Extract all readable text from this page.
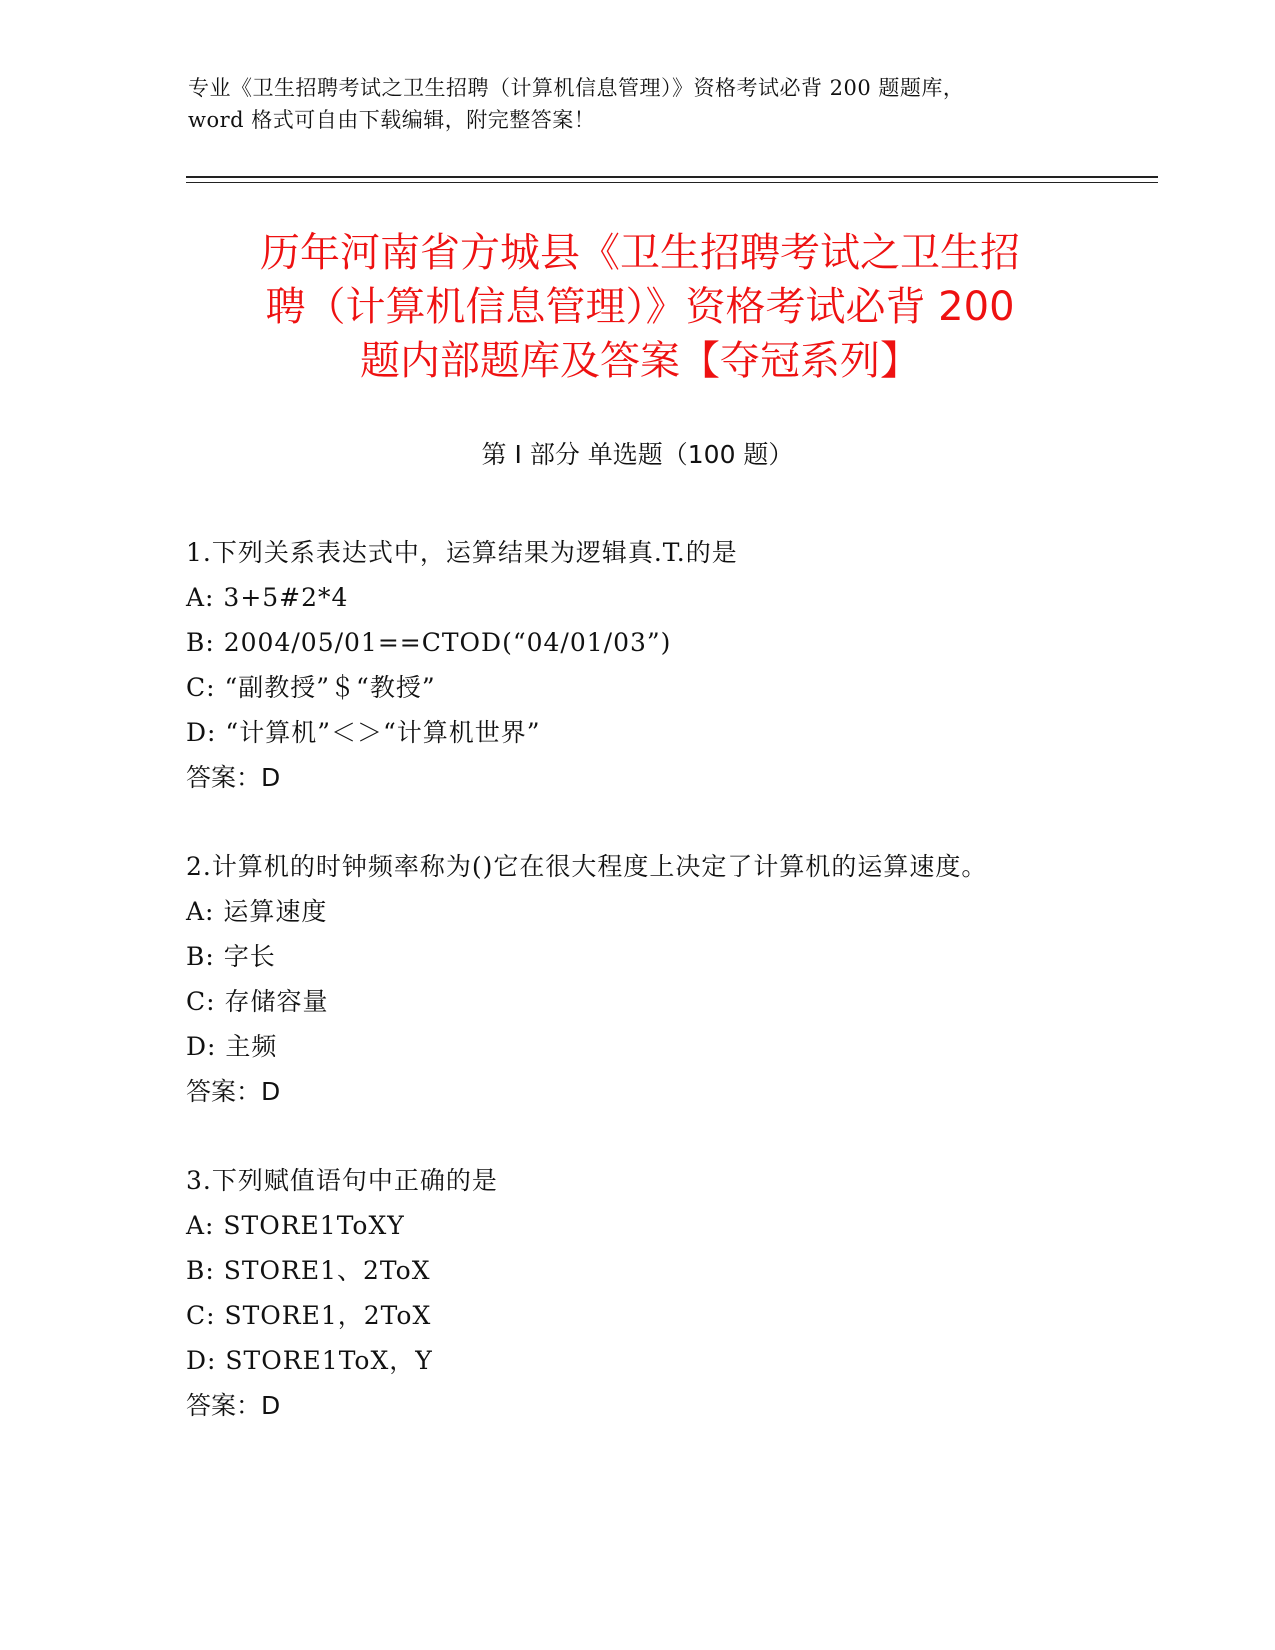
专业《卫生招聘考试之卫生招聘（计算机信息管理）》资格考试必背 200 题题库，
word 格式可自由下载编辑，附完整答案！
历年河南省方城县《卫生招聘考试之卫生招
聘（计算机信息管理）》资格考试必背 200
题内部题库及答案【夺冠系列】
第 I 部分 单选题（100 题）
1.下列关系表达式中，运算结果为逻辑真.T.的是
A: 3+5#2*4
B: 2004/05/01==CTOD(“04/01/03”)
C: “副教授”＄“教授”
D: “计算机”＜＞“计算机世界”
答案：D
2.计算机的时钟频率称为()它在很大程度上决定了计算机的运算速度。
A: 运算速度
B: 字长
C: 存储容量
D: 主频
答案：D
3.下列赋值语句中正确的是
A: STORE1ToXY
B: STORE1、2ToX
C: STORE1，2ToX
D: STORE1ToX，Y
答案：D
